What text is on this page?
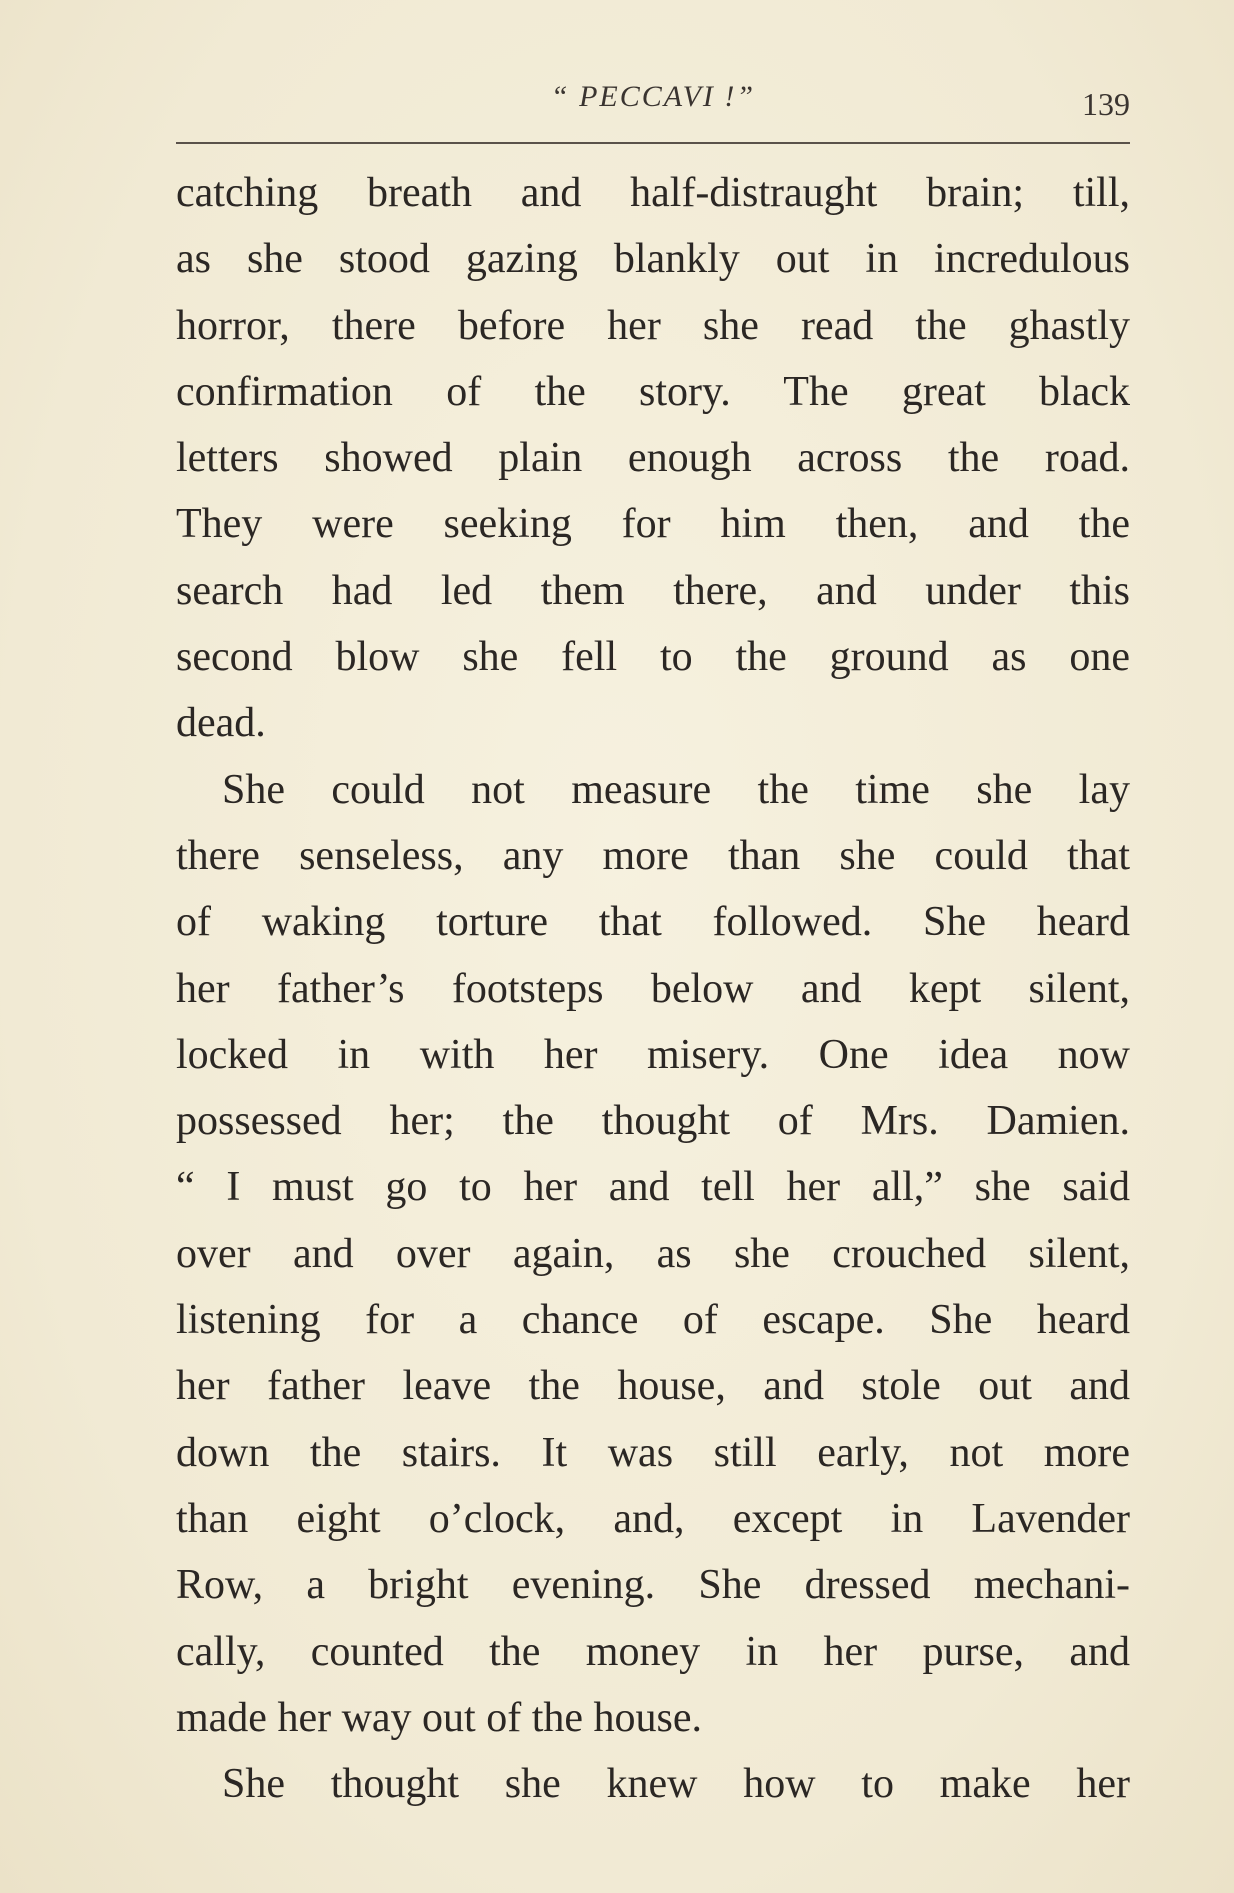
“ PECCAVI !”	139
catching breath and half-distraught brain; till,
as she stood gazing blankly out in incredulous
horror, there before her she read the ghastly
confirmation of the story. The great black
letters showed plain enough across the road.
They were seeking for him then, and the
search had led them there, and under this
second blow she fell to the ground as one
dead.
She could not measure the time she lay
there senseless, any more than she could that
of waking torture that followed. She heard
her father’s footsteps below and kept silent,
locked in with her misery. One idea now
possessed her; the thought of Mrs. Damien.
“ I must go to her and tell her all,” she said
over and over again, as she crouched silent,
listening for a chance of escape. She heard
her father leave the house, and stole out and
down the stairs. It was still early, not more
than eight o’clock, and, except in Lavender
Row, a bright evening. She dressed mechani-
cally, counted the money in her purse, and
made her way out of the house.
She thought she knew how to make her
